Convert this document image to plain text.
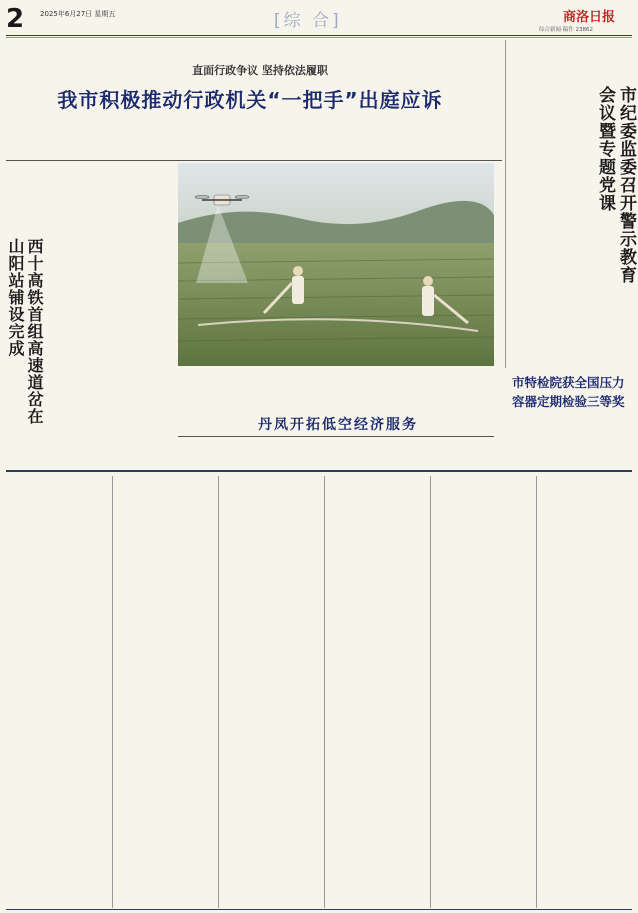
2 2025年6月27日 星期五	[综 合]	商洛日报
综合新闻·稿件 23862
直面行政争议 坚持依法履职
我市积极推动行政机关“一把手”出庭应诉	市纪委监委召开警示教育会议暨专题党课
西十高铁首组高速道岔在山阳站铺设完成
丹凤开拓低空经济服务
市特检院获全国压力容器定期检验三等奖
